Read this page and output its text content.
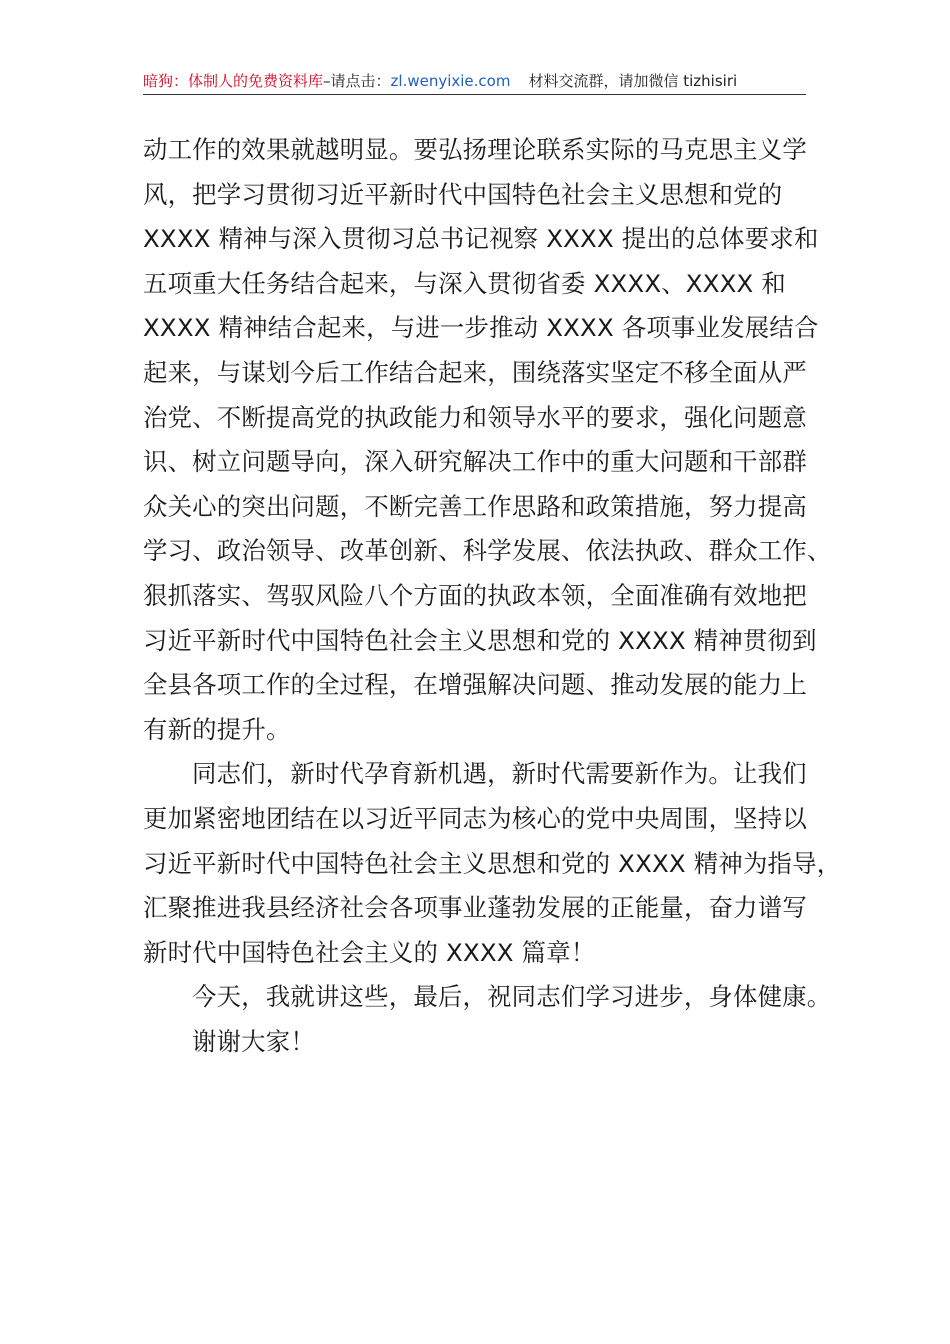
暗狗：体制人的免费资料库–请点击：zl.wenyixie.com 材料交流群，请加微信 tizhisiri
动工作的效果就越明显。要弘扬理论联系实际的马克思主义学
风，把学习贯彻习近平新时代中国特色社会主义思想和党的
XXXX 精神与深入贯彻习总书记视察 XXXX 提出的总体要求和
五项重大任务结合起来，与深入贯彻省委 XXXX、XXXX 和
XXXX 精神结合起来，与进一步推动 XXXX 各项事业发展结合
起来，与谋划今后工作结合起来，围绕落实坚定不移全面从严
治党、不断提高党的执政能力和领导水平的要求，强化问题意
识、树立问题导向，深入研究解决工作中的重大问题和干部群
众关心的突出问题，不断完善工作思路和政策措施，努力提高
学习、政治领导、改革创新、科学发展、依法执政、群众工作、
狠抓落实、驾驭风险八个方面的执政本领，全面准确有效地把
习近平新时代中国特色社会主义思想和党的 XXXX 精神贯彻到
全县各项工作的全过程，在增强解决问题、推动发展的能力上
有新的提升。
同志们，新时代孕育新机遇，新时代需要新作为。让我们
更加紧密地团结在以习近平同志为核心的党中央周围，坚持以
习近平新时代中国特色社会主义思想和党的 XXXX 精神为指导，
汇聚推进我县经济社会各项事业蓬勃发展的正能量，奋力谱写
新时代中国特色社会主义的 XXXX 篇章！
今天，我就讲这些，最后，祝同志们学习进步，身体健康。
谢谢大家！
